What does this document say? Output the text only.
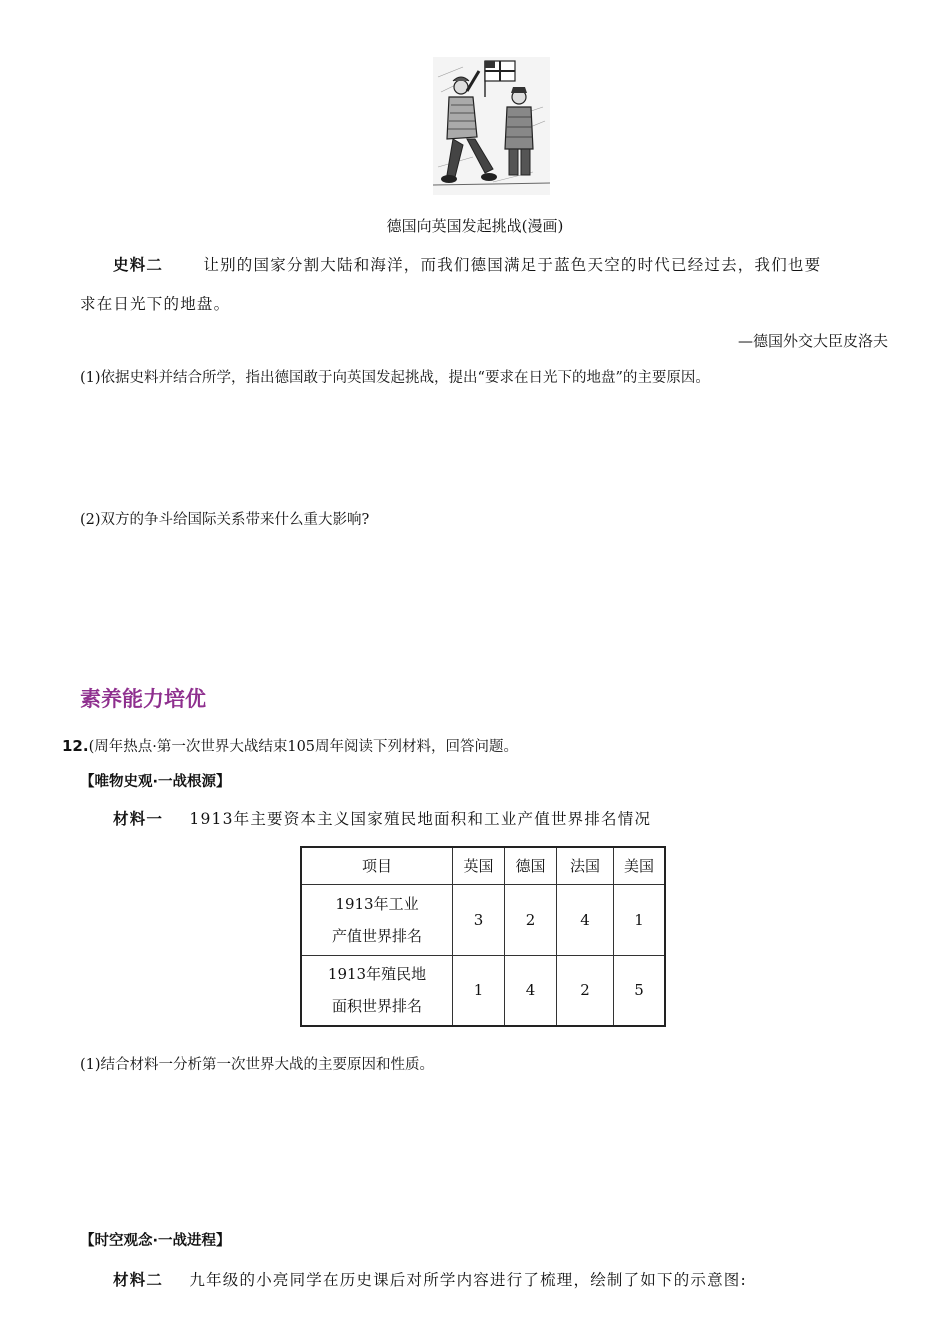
德国向英国发起挑战(漫画)
史料二	让别的国家分割大陆和海洋，而我们德国满足于蓝色天空的时代已经过去，我们也要
求在日光下的地盘。
—德国外交大臣皮洛夫
(1)依据史料并结合所学，指出德国敢于向英国发起挑战，提出“要求在日光下的地盘”的主要原因。
(2)双方的争斗给国际关系带来什么重大影响?
素养能力培优
12.(周年热点·第一次世界大战结束105周年阅读下列材料，回答问题。
【唯物史观·一战根源】
材料一 1913年主要资本主义国家殖民地面积和工业产值世界排名情况
项目	英国	德国	法国	美国

1913年工业
产值世界排名	3	2	4	1

1913年殖民地
面积世界排名	1	4	2	5
(1)结合材料一分析第一次世界大战的主要原因和性质。
【时空观念·一战进程】
材料二 九年级的小亮同学在历史课后对所学内容进行了梳理，绘制了如下的示意图:
